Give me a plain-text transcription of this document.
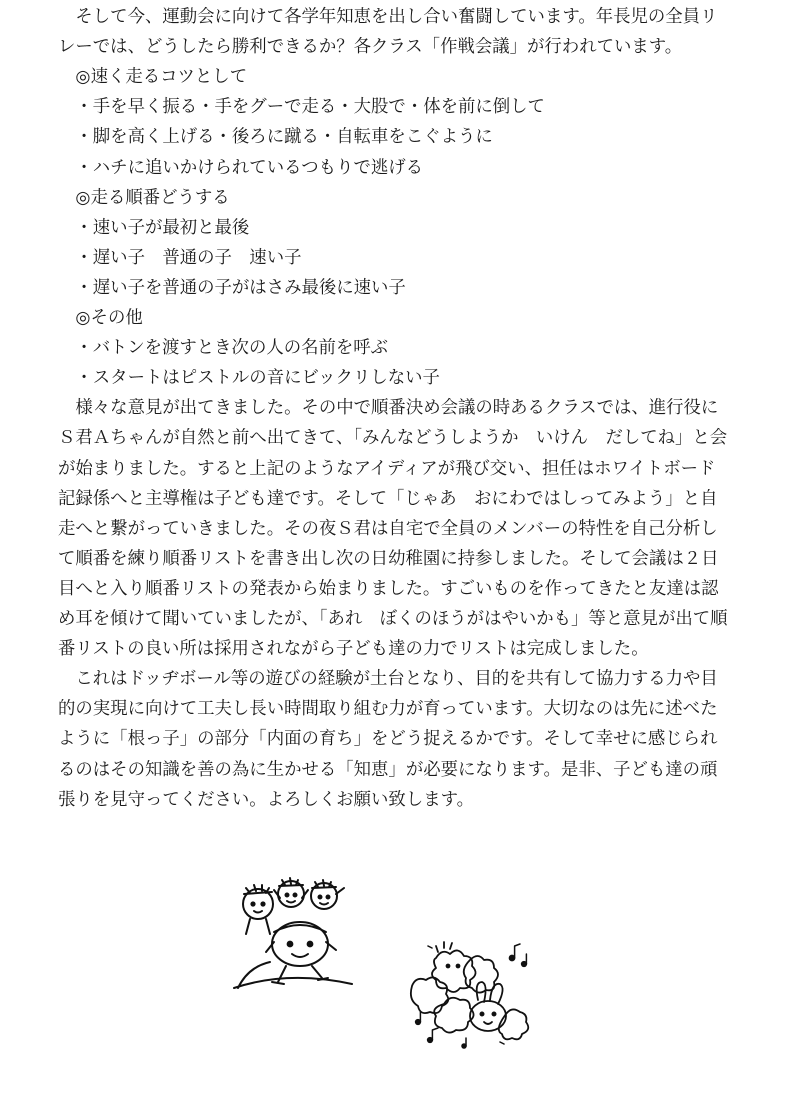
　そして今、運動会に向けて各学年知恵を出し合い奮闘しています。年長児の全員リ
レーでは、どうしたら勝利できるか？各クラス「作戦会議」が行われています。
　◎速く走るコツとして
　・手を早く振る・手をグーで走る・大股で・体を前に倒して
　・脚を高く上げる・後ろに蹴る・自転車をこぐように
　・ハチに追いかけられているつもりで逃げる
　◎走る順番どうする
　・速い子が最初と最後
　・遅い子　普通の子　速い子
　・遅い子を普通の子がはさみ最後に速い子
　◎その他
　・バトンを渡すとき次の人の名前を呼ぶ
　・スタートはピストルの音にビックリしない子
　様々な意見が出てきました。その中で順番決め会議の時あるクラスでは、進行役に
Ｓ君Ａちゃんが自然と前へ出てきて、「みんなどうしようか　いけん　だしてね」と会
が始まりました。すると上記のようなアイディアが飛び交い、担任はホワイトボード
記録係へと主導権は子ども達です。そして「じゃあ　おにわではしってみよう」と自
走へと繋がっていきました。その夜Ｓ君は自宅で全員のメンバーの特性を自己分析し
て順番を練り順番リストを書き出し次の日幼稚園に持参しました。そして会議は２日
目へと入り順番リストの発表から始まりました。すごいものを作ってきたと友達は認
め耳を傾けて聞いていましたが、「あれ　ぼくのほうがはやいかも」等と意見が出て順
番リストの良い所は採用されながら子ども達の力でリストは完成しました。
　これはドッヂボール等の遊びの経験が土台となり、目的を共有して協力する力や目
的の実現に向けて工夫し長い時間取り組む力が育っています。大切なのは先に述べた
ように「根っ子」の部分「内面の育ち」をどう捉えるかです。そして幸せに感じられ
るのはその知識を善の為に生かせる「知恵」が必要になります。是非、子ども達の頑
張りを見守ってください。よろしくお願い致します。
